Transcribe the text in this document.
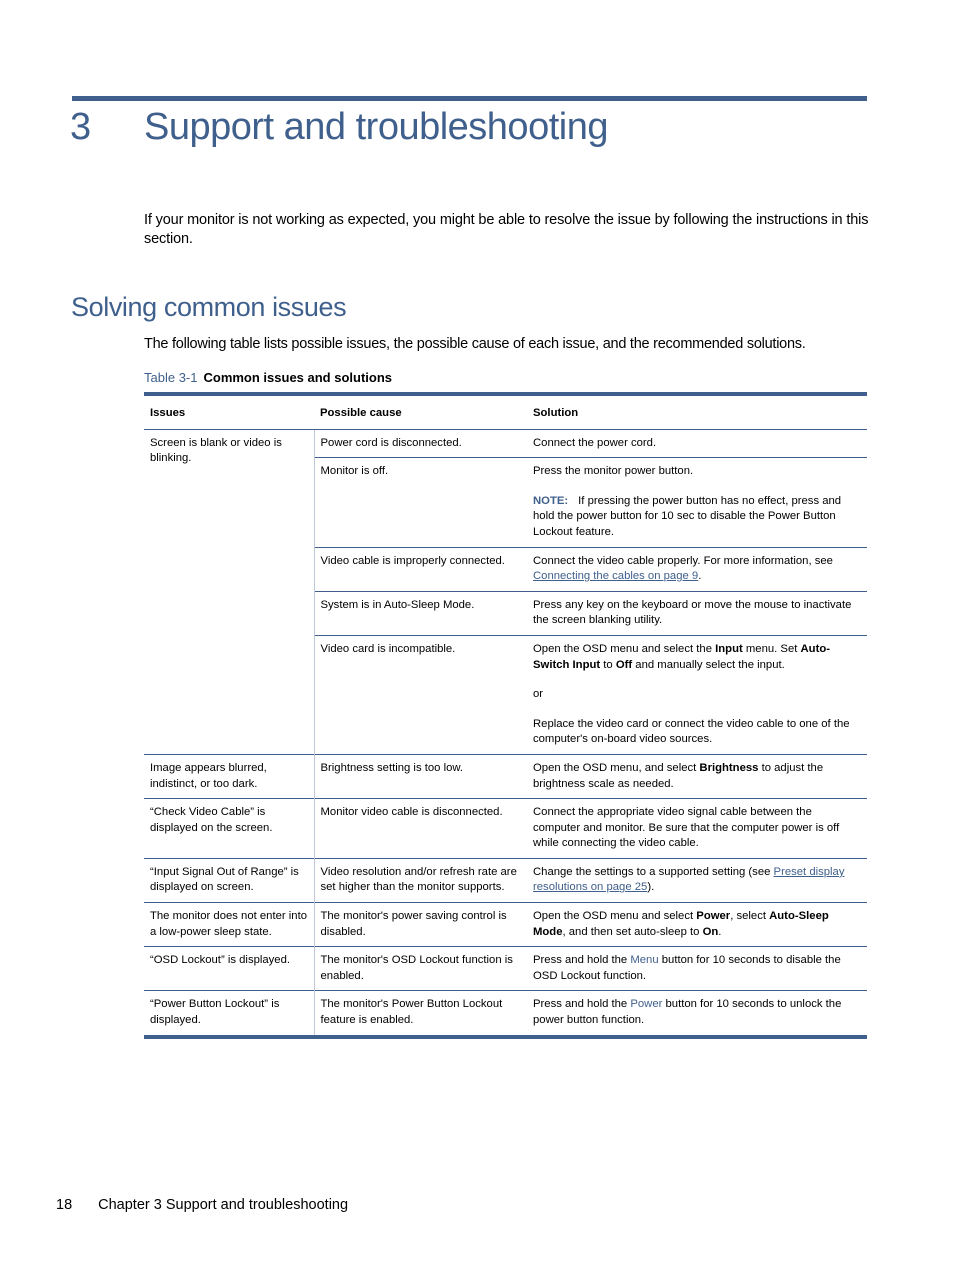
3 Support and troubleshooting
If your monitor is not working as expected, you might be able to resolve the issue by following the instructions in this section.
Solving common issues
The following table lists possible issues, the possible cause of each issue, and the recommended solutions.
Table 3-1 Common issues and solutions
Issues	Possible cause	Solution
Screen is blank or video is blinking.	Power cord is disconnected.	Connect the power cord.
	Monitor is off.	Press the monitor power button.
NOTE: If pressing the power button has no effect, press and hold the power button for 10 sec to disable the Power Button Lockout feature.

	Video cable is improperly connected.	Connect the video cable properly. For more information, see Connecting the cables on page 9.
	System is in Auto-Sleep Mode.	Press any key on the keyboard or move the mouse to inactivate the screen blanking utility.
	Video card is incompatible.	Open the OSD menu and select the Input menu. Set Auto-Switch Input to Off and manually select the input.
or
Replace the video card or connect the video cable to one of the computer's on-board video sources.

Image appears blurred, indistinct, or too dark.	Brightness setting is too low.	Open the OSD menu, and select Brightness to adjust the brightness scale as needed.
“Check Video Cable” is displayed on the screen.	Monitor video cable is disconnected.	Connect the appropriate video signal cable between the computer and monitor. Be sure that the computer power is off while connecting the video cable.
“Input Signal Out of Range” is displayed on screen.	Video resolution and/or refresh rate are set higher than the monitor supports.	Change the settings to a supported setting (see Preset display resolutions on page 25).
The monitor does not enter into a low-power sleep state.	The monitor's power saving control is disabled.	Open the OSD menu and select Power, select Auto-Sleep Mode, and then set auto-sleep to On.
“OSD Lockout” is displayed.	The monitor's OSD Lockout function is enabled.	Press and hold the Menu button for 10 seconds to disable the OSD Lockout function.
“Power Button Lockout” is displayed.	The monitor's Power Button Lockout feature is enabled.	Press and hold the Power button for 10 seconds to unlock the power button function.
18 Chapter 3 Support and troubleshooting
